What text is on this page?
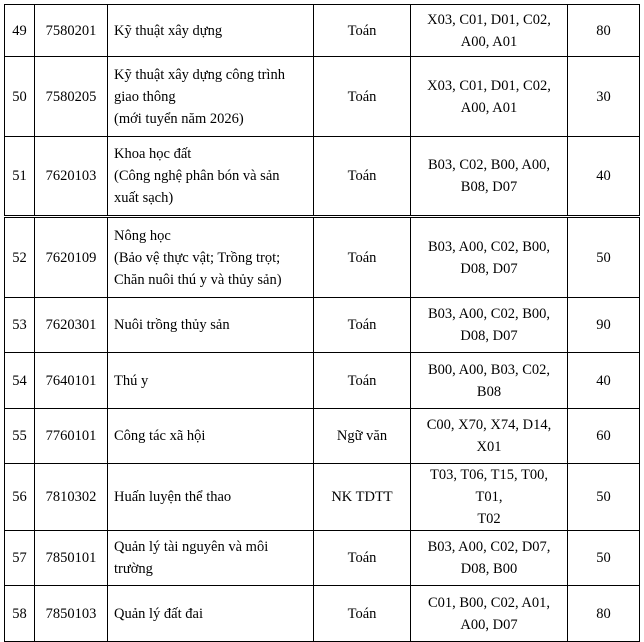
49	7580201	Kỹ thuật xây dựng	Toán	X03, C01, D01, C02,
A00, A01	80
50	7580205	Kỹ thuật xây dựng công trình
giao thông
(mới tuyển năm 2026)	Toán	X03, C01, D01, C02,
A00, A01	30
51	7620103	Khoa học đất
(Công nghệ phân bón và sản
xuất sạch)	Toán	B03, C02, B00, A00,
B08, D07	40
52	7620109	Nông học
(Bảo vệ thực vật; Trồng trọt;
Chăn nuôi thú y và thủy sản)	Toán	B03, A00, C02, B00,
D08, D07	50
53	7620301	Nuôi trồng thủy sản	Toán	B03, A00, C02, B00,
D08, D07	90
54	7640101	Thú y	Toán	B00, A00, B03, C02,
B08	40
55	7760101	Công tác xã hội	Ngữ văn	C00, X70, X74, D14,
X01	60
56	7810302	Huấn luyện thể thao	NK TDTT	T03, T06, T15, T00, T01,
T02	50
57	7850101	Quản lý tài nguyên và môi
trường	Toán	B03, A00, C02, D07,
D08, B00	50
58	7850103	Quản lý đất đai	Toán	C01, B00, C02, A01,
A00, D07	80
